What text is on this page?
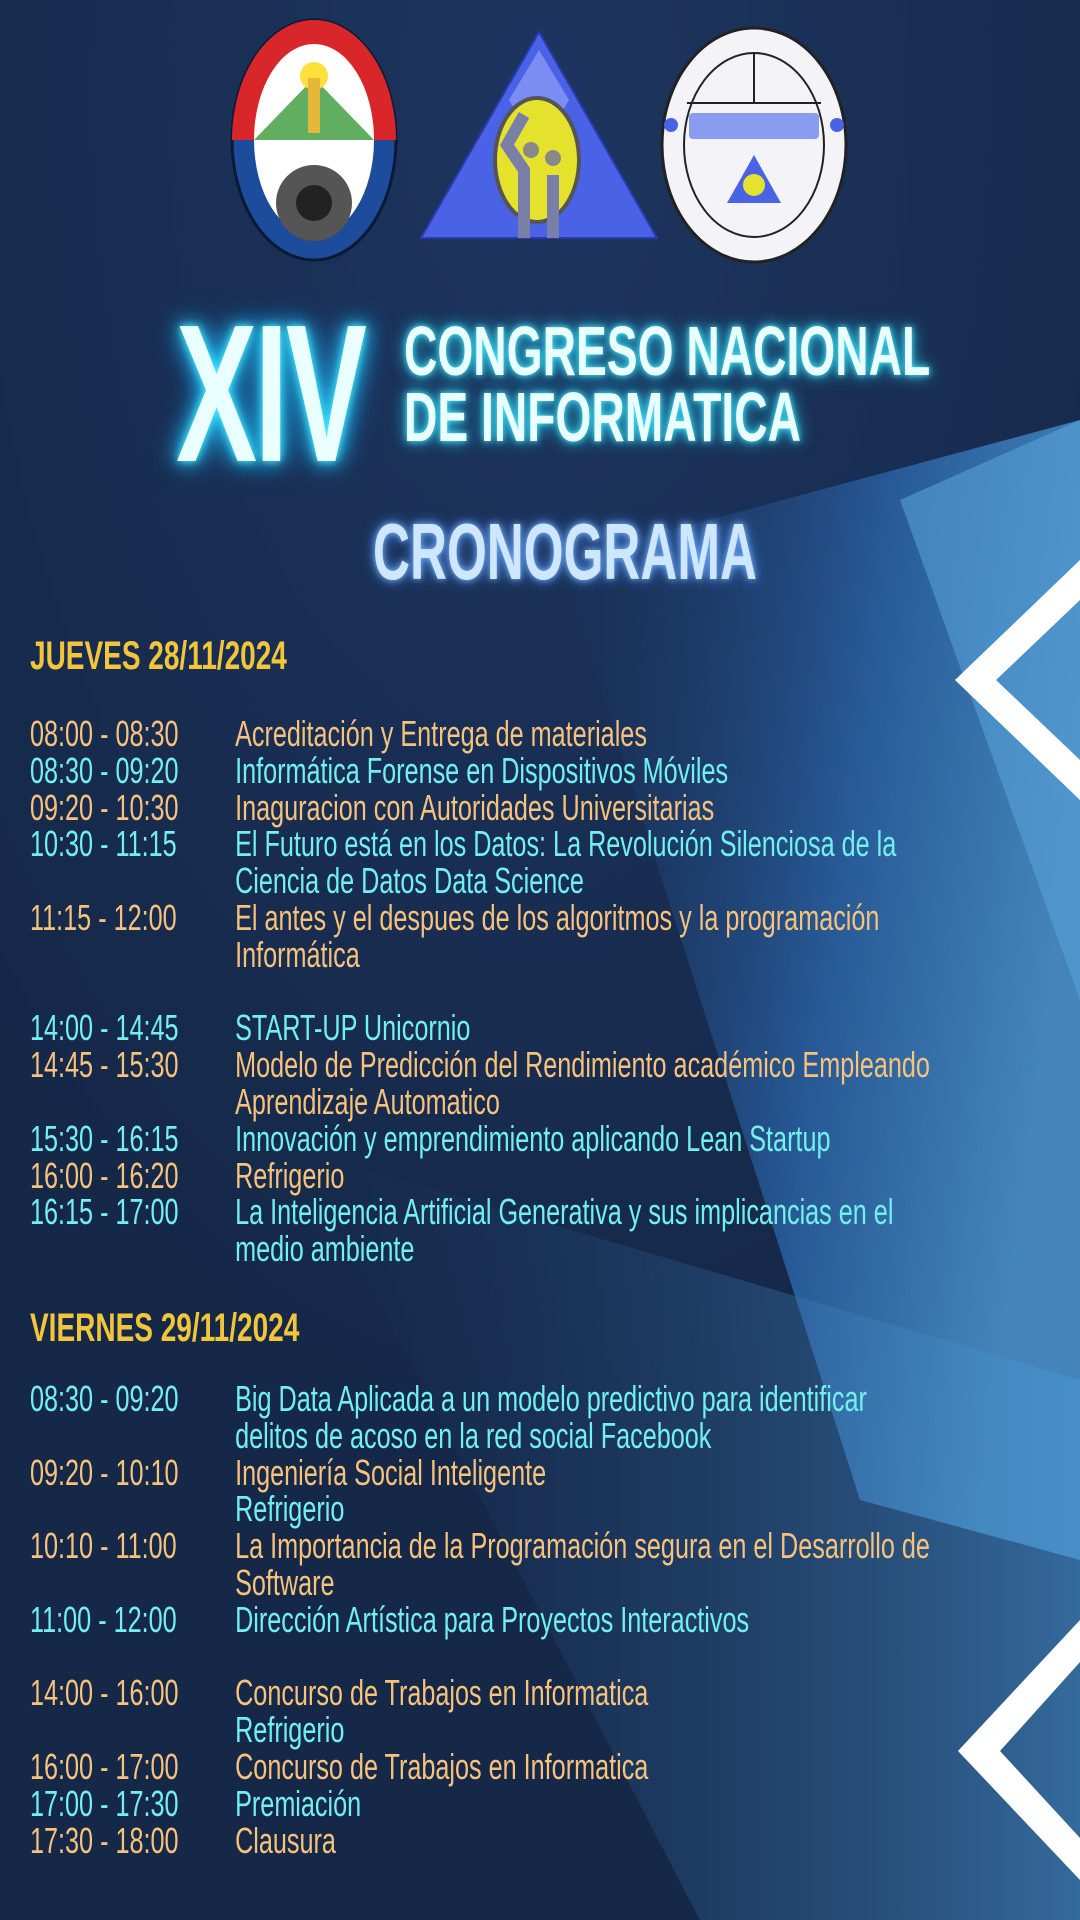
XIV CONGRESO NACIONAL
DE INFORMATICA
CRONOGRAMA
JUEVES 28/11/2024
08:00 - 08:30	Acreditación y Entrega de materiales
08:30 - 09:20	Informática Forense en Dispositivos Móviles
09:20 - 10:30	Inaguracion con Autoridades Universitarias
10:30 - 11:15	El Futuro está en los Datos: La Revolución Silenciosa de la
Ciencia de Datos Data Science
11:15 - 12:00	El antes y el despues de los algoritmos y la programación
Informática
14:00 - 14:45	START-UP Unicornio
14:45 - 15:30	Modelo de Predicción del Rendimiento académico Empleando
Aprendizaje Automatico
15:30 - 16:15	Innovación y emprendimiento aplicando Lean Startup
16:00 - 16:20	Refrigerio
16:15 - 17:00	La Inteligencia Artificial Generativa y sus implicancias en el
medio ambiente
VIERNES 29/11/2024
08:30 - 09:20	Big Data Aplicada a un modelo predictivo para identificar
delitos de acoso en la red social Facebook
09:20 - 10:10	Ingeniería Social Inteligente
Refrigerio
10:10 - 11:00	La Importancia de la Programación segura en el Desarrollo de
Software
11:00 - 12:00	Dirección Artística para Proyectos Interactivos
14:00 - 16:00	Concurso de Trabajos en Informatica
Refrigerio
16:00 - 17:00	Concurso de Trabajos en Informatica
17:00 - 17:30	Premiación
17:30 - 18:00	Clausura
